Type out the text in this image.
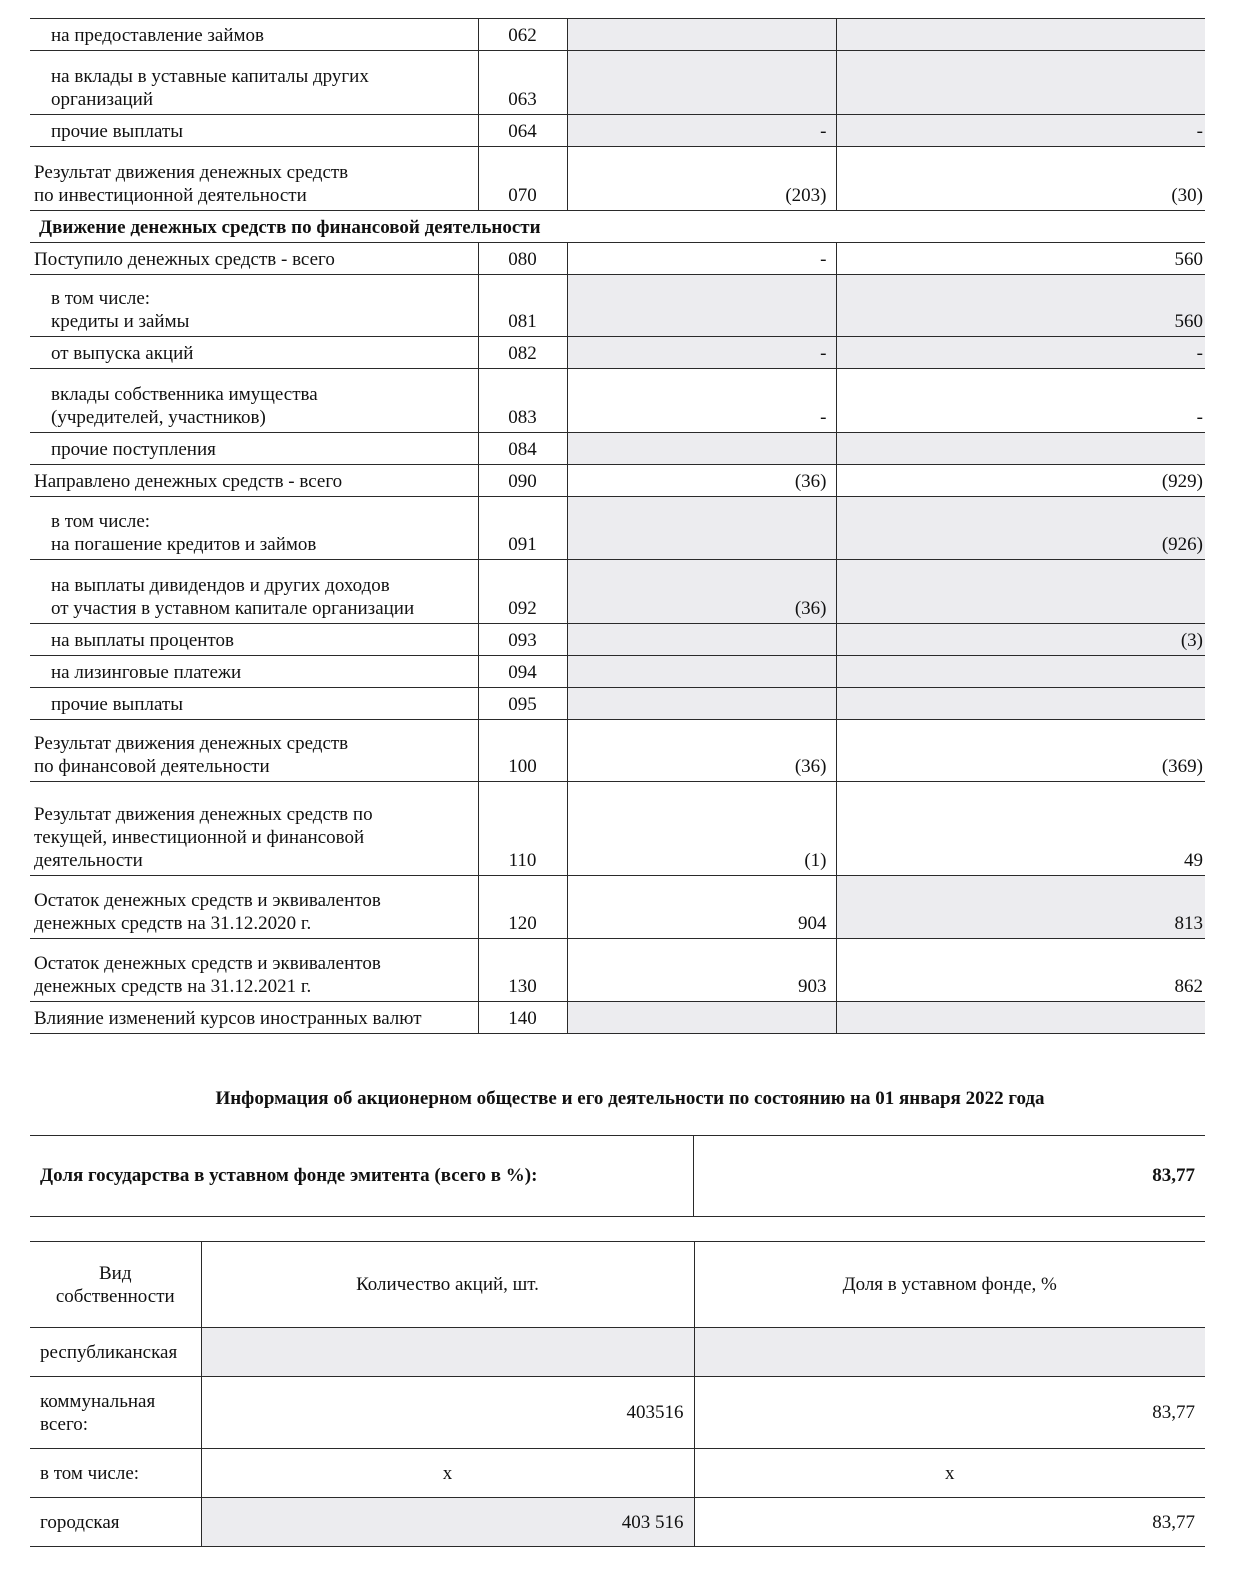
на предоставление займов	062		
на вклады в уставные капиталы других
организаций	063		
прочие выплаты	064	-	-
Результат движения денежных средств
по инвестиционной деятельности	070	(203)	(30)
Движение денежных средств по финансовой деятельности			
Поступило денежных средств - всего	080	-	560
в том числе:
кредиты и займы	081		560
от выпуска акций	082	-	-
вклады собственника имущества
(учредителей, участников)	083	-	-
прочие поступления	084		
Направлено денежных средств - всего	090	(36)	(929)
в том числе:
на погашение кредитов и займов	091		(926)
на выплаты дивидендов и других доходов
от участия в уставном капитале организации	092	(36)	
на выплаты процентов	093		(3)
на лизинговые платежи	094		
прочие выплаты	095		
Результат движения денежных средств
по финансовой деятельности	100	(36)	(369)
Результат движения денежных средств по
текущей, инвестиционной и финансовой
деятельности	110	(1)	49
Остаток денежных средств и эквивалентов
денежных средств на 31.12.2020 г.	120	904	813
Остаток денежных средств и эквивалентов
денежных средств на 31.12.2021 г.	130	903	862
Влияние изменений курсов иностранных валют	140		
Информация об акционерном обществе и его деятельности по состоянию на 01 января 2022 года
Доля государства в уставном фонде эмитента (всего в %):	83,77
Вид
собственности	Количество акций, шт.	Доля в уставном фонде, %
республиканская		
коммунальная
всего:	403516	83,77
в том числе:	x	x
городская	403 516	83,77
